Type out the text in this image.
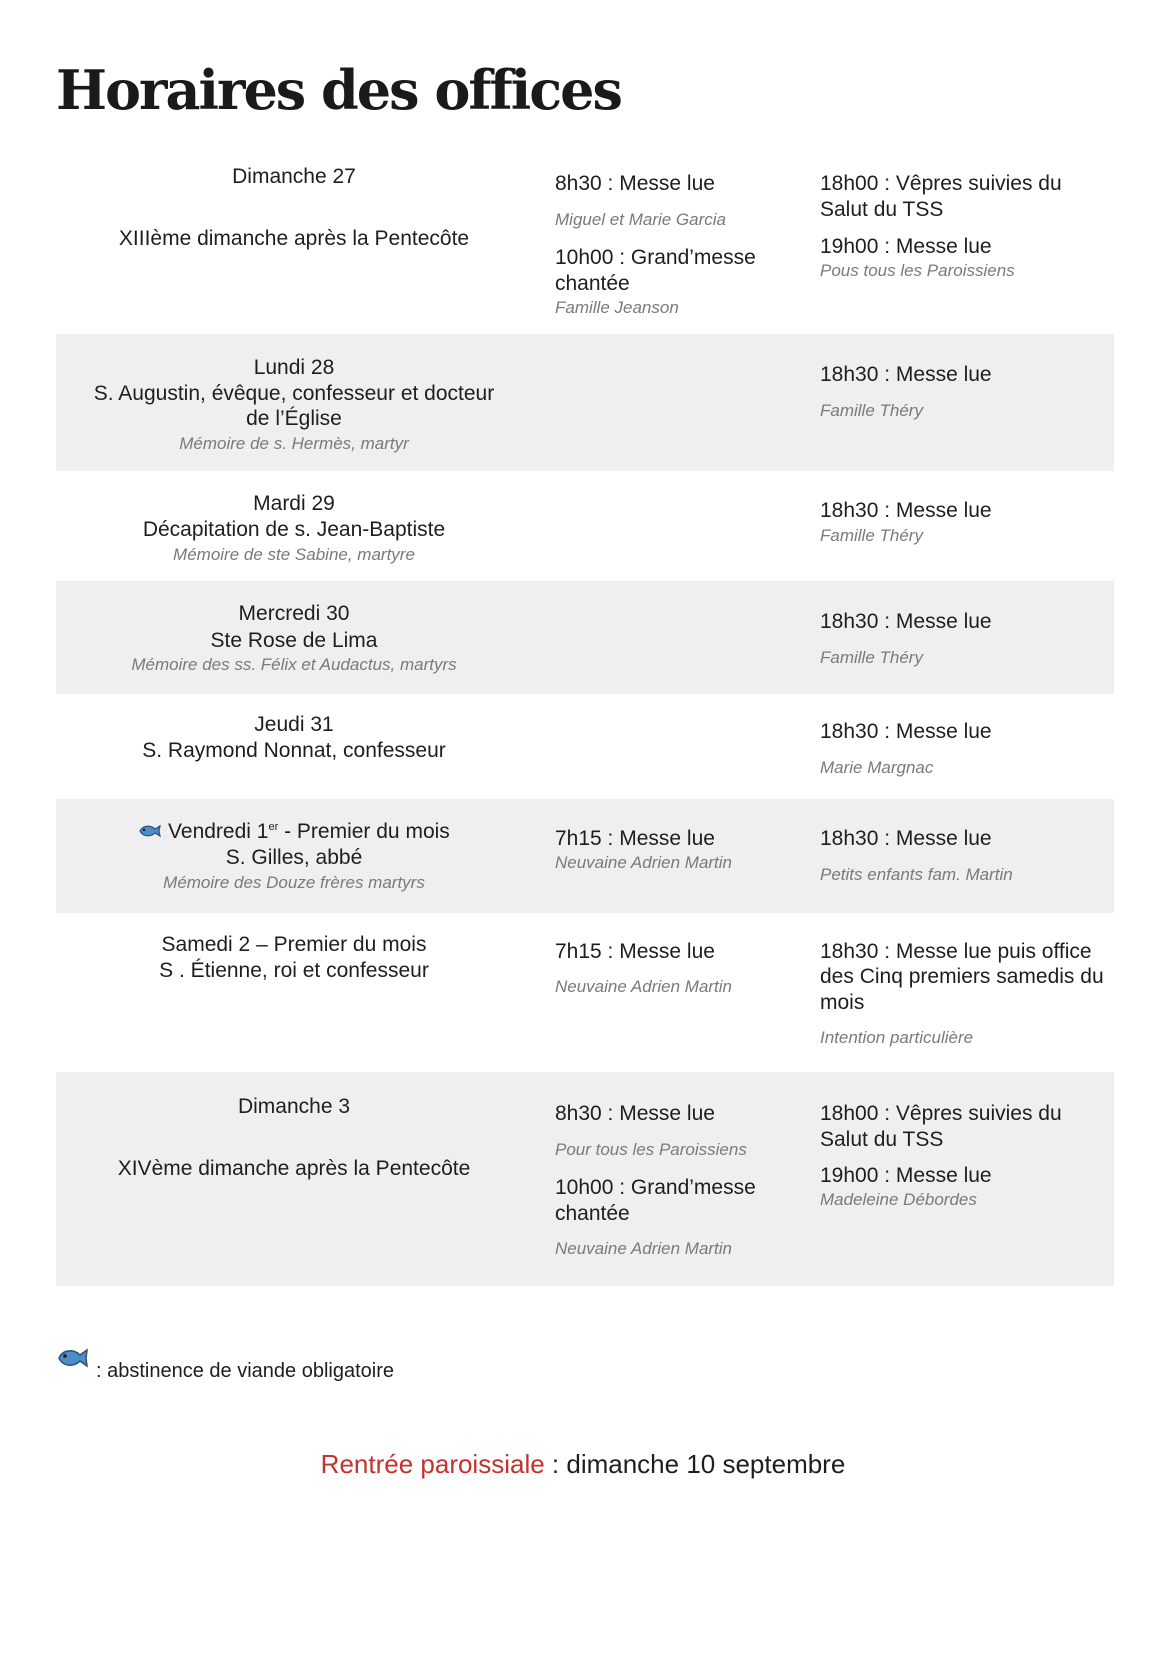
Horaires des offices
Dimanche 27
XIIIème dimanche après la Pentecôte
8h30 : Messe lue
Miguel et Marie Garcia
10h00 : Grand’messe
chantée
Famille Jeanson
18h00 : Vêpres suivies du
Salut du TSS
19h00 : Messe lue
Pous tous les Paroissiens
Lundi 28
S. Augustin, évêque, confesseur et docteur
de l’Église
Mémoire de s. Hermès, martyr
18h30 : Messe lue
Famille Théry
Mardi 29
Décapitation de s. Jean-Baptiste
Mémoire de ste Sabine, martyre
18h30 : Messe lue
Famille Théry
Mercredi 30
Ste Rose de Lima
Mémoire des ss. Félix et Audactus, martyrs
18h30 : Messe lue
Famille Théry
Jeudi 31
S. Raymond Nonnat, confesseur
18h30 : Messe lue
Marie Margnac
Vendredi 1er - Premier du mois
S. Gilles, abbé
Mémoire des Douze frères martyrs
7h15 : Messe lue
Neuvaine Adrien Martin
18h30 : Messe lue
Petits enfants fam. Martin
Samedi 2 – Premier du mois
S . Étienne, roi et confesseur
7h15 : Messe lue
Neuvaine Adrien Martin
18h30 : Messe lue puis office
des Cinq premiers samedis du
mois
Intention particulière
Dimanche 3
XIVème dimanche après la Pentecôte
8h30 : Messe lue
Pour tous les Paroissiens
10h00 : Grand’messe
chantée
Neuvaine Adrien Martin
18h00 : Vêpres suivies du
Salut du TSS
19h00 : Messe lue
Madeleine Débordes
: abstinence de viande obligatoire
Rentrée paroissiale : dimanche 10 septembre
